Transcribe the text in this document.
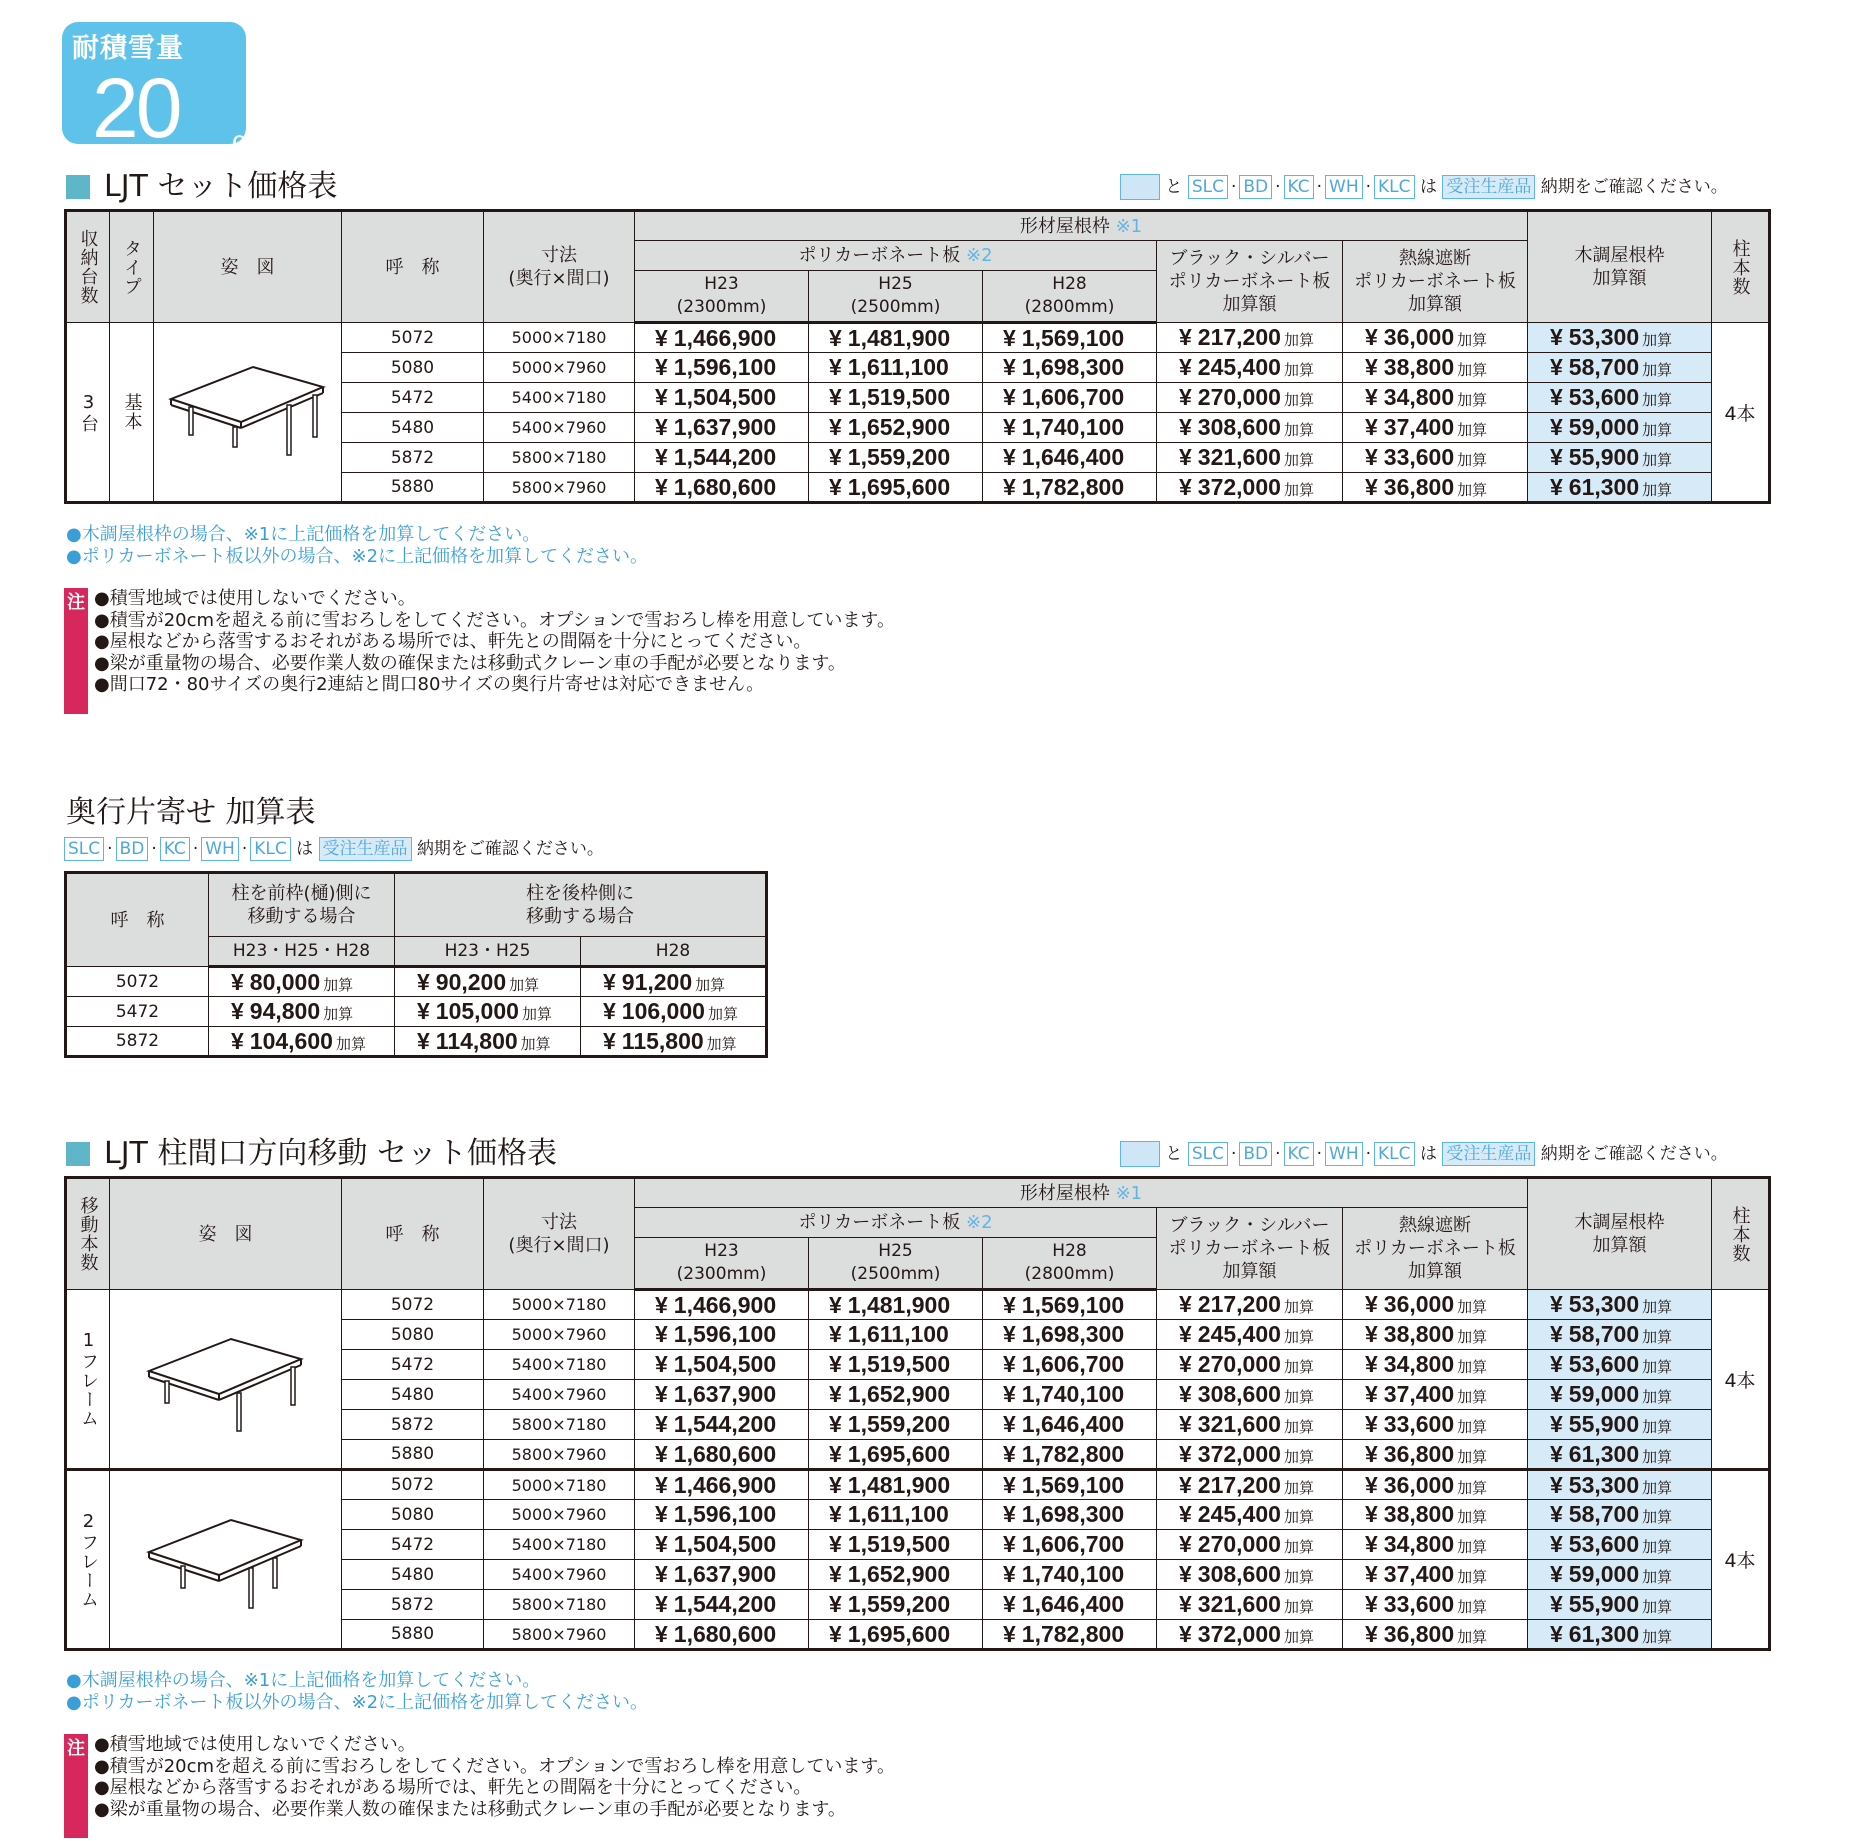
耐積雪量
20 cm
LJT セット価格表	と SLC · BD · KC · WH · KLC は 受注生産品 納期をご確認ください。
収納台数	タイプ	姿　図	呼　称	寸法
(奥行×間口)	形材屋根枠 ※1					木調屋根枠
加算額	柱本数
					ポリカーボネート板 ※2			ブラック・シルバー
ポリカーボネート板
加算額	熱線遮断
ポリカーボネート板
加算額		
					H23
(2300mm)	H25
(2500mm)	H28
(2800mm)				
3台	基本		5072	5000×7180	¥ 1,466,900	¥ 1,481,900	¥ 1,569,100	¥ 217,200 加算	¥ 36,000 加算	¥ 53,300 加算	4本
			5080	5000×7960	¥ 1,596,100	¥ 1,611,100	¥ 1,698,300	¥ 245,400 加算	¥ 38,800 加算	¥ 58,700 加算	
			5472	5400×7180	¥ 1,504,500	¥ 1,519,500	¥ 1,606,700	¥ 270,000 加算	¥ 34,800 加算	¥ 53,600 加算	
			5480	5400×7960	¥ 1,637,900	¥ 1,652,900	¥ 1,740,100	¥ 308,600 加算	¥ 37,400 加算	¥ 59,000 加算	
			5872	5800×7180	¥ 1,544,200	¥ 1,559,200	¥ 1,646,400	¥ 321,600 加算	¥ 33,600 加算	¥ 55,900 加算	
			5880	5800×7960	¥ 1,680,600	¥ 1,695,600	¥ 1,782,800	¥ 372,000 加算	¥ 36,800 加算	¥ 61,300 加算	
●木調屋根枠の場合、※1に上記価格を加算してください。
●ポリカーボネート板以外の場合、※2に上記価格を加算してください。
注 ●積雪地域では使用しないでください。
●積雪が20cmを超える前に雪おろしをしてください。オプションで雪おろし棒を用意しています。
●屋根などから落雪するおそれがある場所では、軒先との間隔を十分にとってください。
●梁が重量物の場合、必要作業人数の確保または移動式クレーン車の手配が必要となります。
●間口72・80サイズの奥行2連結と間口80サイズの奥行片寄せは対応できません。
奥行片寄せ 加算表
SLC · BD · KC · WH · KLC は 受注生産品 納期をご確認ください。
呼　称	柱を前枠(樋)側に
移動する場合	柱を後枠側に
移動する場合	
	H23・H25・H28	H23・H25	H28
5072	¥ 80,000 加算	¥ 90,200 加算	¥ 91,200 加算
5472	¥ 94,800 加算	¥ 105,000 加算	¥ 106,000 加算
5872	¥ 104,600 加算	¥ 114,800 加算	¥ 115,800 加算
LJT 柱間口方向移動 セット価格表	と SLC · BD · KC · WH · KLC は 受注生産品 納期をご確認ください。
移動本数	姿　図	呼　称	寸法
(奥行×間口)	形材屋根枠 ※1					木調屋根枠
加算額	柱本数
				ポリカーボネート板 ※2			ブラック・シルバー
ポリカーボネート板
加算額	熱線遮断
ポリカーボネート板
加算額		
				H23
(2300mm)	H25
(2500mm)	H28
(2800mm)				
1フレーム		5072	5000×7180	¥ 1,466,900	¥ 1,481,900	¥ 1,569,100	¥ 217,200 加算	¥ 36,000 加算	¥ 53,300 加算	4本
		5080	5000×7960	¥ 1,596,100	¥ 1,611,100	¥ 1,698,300	¥ 245,400 加算	¥ 38,800 加算	¥ 58,700 加算	
		5472	5400×7180	¥ 1,504,500	¥ 1,519,500	¥ 1,606,700	¥ 270,000 加算	¥ 34,800 加算	¥ 53,600 加算	
		5480	5400×7960	¥ 1,637,900	¥ 1,652,900	¥ 1,740,100	¥ 308,600 加算	¥ 37,400 加算	¥ 59,000 加算	
		5872	5800×7180	¥ 1,544,200	¥ 1,559,200	¥ 1,646,400	¥ 321,600 加算	¥ 33,600 加算	¥ 55,900 加算	
		5880	5800×7960	¥ 1,680,600	¥ 1,695,600	¥ 1,782,800	¥ 372,000 加算	¥ 36,800 加算	¥ 61,300 加算	
2フレーム		5072	5000×7180	¥ 1,466,900	¥ 1,481,900	¥ 1,569,100	¥ 217,200 加算	¥ 36,000 加算	¥ 53,300 加算	4本
		5080	5000×7960	¥ 1,596,100	¥ 1,611,100	¥ 1,698,300	¥ 245,400 加算	¥ 38,800 加算	¥ 58,700 加算	
		5472	5400×7180	¥ 1,504,500	¥ 1,519,500	¥ 1,606,700	¥ 270,000 加算	¥ 34,800 加算	¥ 53,600 加算	
		5480	5400×7960	¥ 1,637,900	¥ 1,652,900	¥ 1,740,100	¥ 308,600 加算	¥ 37,400 加算	¥ 59,000 加算	
		5872	5800×7180	¥ 1,544,200	¥ 1,559,200	¥ 1,646,400	¥ 321,600 加算	¥ 33,600 加算	¥ 55,900 加算	
		5880	5800×7960	¥ 1,680,600	¥ 1,695,600	¥ 1,782,800	¥ 372,000 加算	¥ 36,800 加算	¥ 61,300 加算	
●木調屋根枠の場合、※1に上記価格を加算してください。
●ポリカーボネート板以外の場合、※2に上記価格を加算してください。
注 ●積雪地域では使用しないでください。
●積雪が20cmを超える前に雪おろしをしてください。オプションで雪おろし棒を用意しています。
●屋根などから落雪するおそれがある場所では、軒先との間隔を十分にとってください。
●梁が重量物の場合、必要作業人数の確保または移動式クレーン車の手配が必要となります。
